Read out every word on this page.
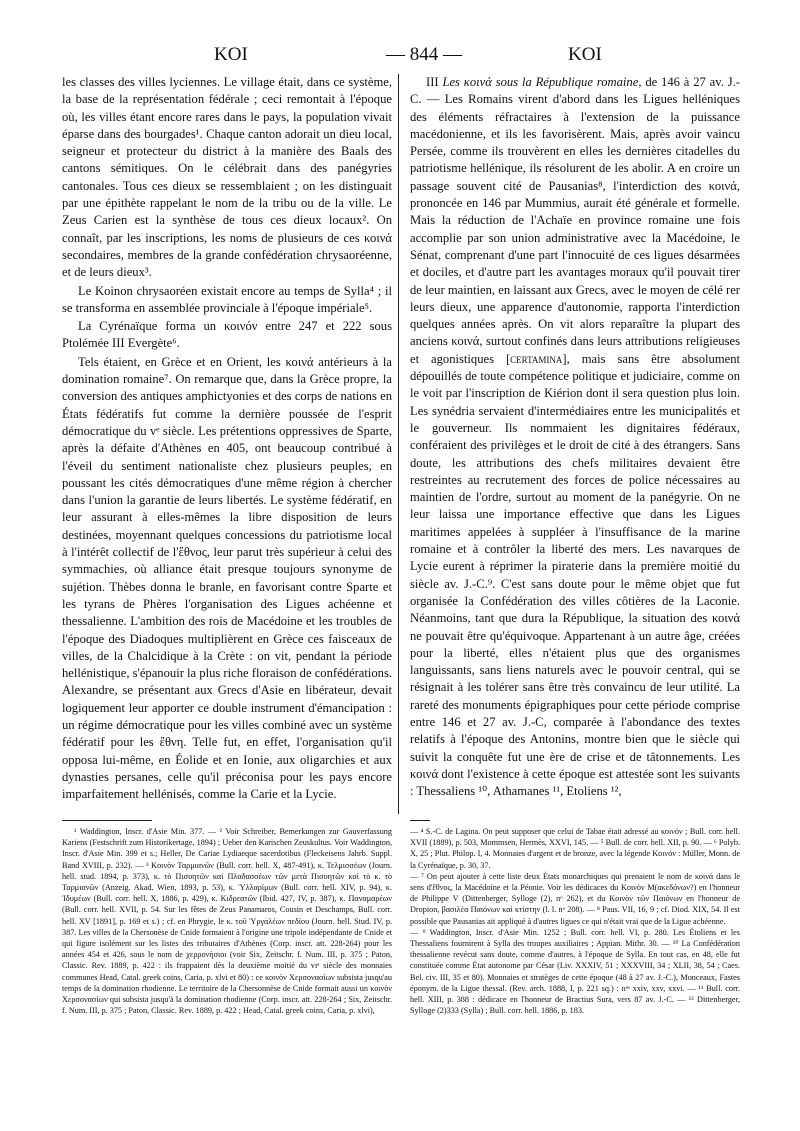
KOI	— 844 —	KOI

les classes des villes lyciennes. Le village était, dans ce système, la base de la représentation fédérale ; ceci remontait à l'époque où, les villes étant encore rares dans le pays, la population vivait éparse dans des bourgades¹. Chaque canton adorait un dieu local, seigneur et protecteur du district à la manière des Baals des cantons sémitiques. On le célébrait dans des panégyries cantonales. Tous ces dieux se ressemblaient ; on les distinguait par une épithète rappelant le nom de la tribu ou de la ville. Le Zeus Carien est la synthèse de tous ces dieux locaux². On connaît, par les inscriptions, les noms de plusieurs de ces κοινά secondaires, membres de la grande confédération chrysaoréenne, et de leurs dieux³.

Le Koinon chrysaoréen existait encore au temps de Sylla⁴ ; il se transforma en assemblée provinciale à l'époque impériale⁵.

La Cyrénaïque forma un κοινόν entre 247 et 222 sous Ptolémée III Evergète⁶.

Tels étaient, en Grèce et en Orient, les κοινά antérieurs à la domination romaine⁷. On remarque que, dans la Grèce propre, la conversion des antiques amphictyonies et des corps de nations en États fédératifs fut comme la dernière poussée de l'esprit démocratique du vᵉ siècle. Les prétentions oppressives de Sparte, après la défaite d'Athènes en 405, ont beaucoup contribué à l'éveil du sentiment nationaliste chez plusieurs peuples, en poussant les cités démocratiques d'une même région à chercher dans l'union la garantie de leurs libertés. Le système fédératif, en leur assurant à elles-mêmes la libre disposition de leurs destinées, moyennant quelques concessions du patriotisme local à l'intérêt collectif de l'ἔθνος, leur parut très supérieur à celui des symmachies, où alliance était presque toujours synonyme de sujétion. Thèbes donna le branle, en favorisant contre Sparte et les tyrans de Phères l'organisation des Ligues achéenne et thessalienne. L'ambition des rois de Macédoine et les troubles de l'époque des Diadoques multiplièrent en Grèce ces faisceaux de villes, de la Chalcidique à la Crète : on vit, pendant la période hellénistique, s'épanouir la plus riche floraison de confédérations. Alexandre, se présentant aux Grecs d'Asie en libérateur, devait logiquement leur apporter ce double instrument d'émancipation : un régime démocratique pour les villes combiné avec un système fédératif pour les ἔθνη. Telle fut, en effet, l'organisation qu'il opposa lui-même, en Éolide et en Ionie, aux oligarchies et aux dynasties persanes, celle qu'il préconisa pour les pays encore imparfaitement hellénisés, comme la Carie et la Lycie.

III Les κοινά sous la République romaine, de 146 à 27 av. J.-C. — Les Romains virent d'abord dans les Ligues helléniques des éléments réfractaires à l'extension de la puissance macédonienne, et ils les favorisèrent. Mais, après avoir vaincu Persée, comme ils trouvèrent en elles les dernières citadelles du patriotisme hellénique, ils résolurent de les abolir. A en croire un passage souvent cité de Pausanias⁸, l'interdiction des κοινά, prononcée en 146 par Mummius, aurait été générale et formelle. Mais la réduction de l'Achaïe en province romaine une fois accomplie par son union administrative avec la Macédoine, le Sénat, comprenant d'une part l'innocuité de ces ligues désarmées et dociles, et d'autre part les avantages moraux qu'il pouvait tirer de leur maintien, en laissant aux Grecs, avec le moyen de célé rer leurs dieux, une apparence d'autonomie, rapporta l'interdiction quelques années après. On vit alors reparaître la plupart des anciens κοινά, surtout confinés dans leurs attributions religieuses et agonistiques [certamina], mais sans être absolument dépouillés de toute compétence politique et judiciaire, comme on le voit par l'inscription de Kiérion dont il sera question plus loin. Les synédria servaient d'intermédiaires entre les municipalités et le gouverneur. Ils nommaient les dignitaires fédéraux, conféraient des privilèges et le droit de cité à des étrangers. Sans doute, les attributions des chefs militaires devaient être restreintes au recrutement des forces de police nécessaires au maintien de l'ordre, surtout au moment de la panégyrie. On ne leur laissa une importance effective que dans les Ligues maritimes appelées à suppléer à l'insuffisance de la marine romaine et à contrôler la liberté des mers. Les navarques de Lycie eurent à réprimer la piraterie dans la première moitié du siècle av. J.-C.⁹. C'est sans doute pour le même objet que fut organisée la Confédération des villes côtières de la Laconie. Néanmoins, tant que dura la République, la situation des κοινά ne pouvait être qu'équivoque. Appartenant à un autre âge, créées pour la liberté, elles n'étaient plus que des organismes languissants, sans liens naturels avec le pouvoir central, qui se résignait à les tolérer sans être très convaincu de leur utilité. La rareté des monuments épigraphiques pour cette période comprise entre 146 et 27 av. J.-C, comparée à l'abondance des textes relatifs à l'époque des Antonins, montre bien que le siècle qui suivit la conquête fut une ère de crise et de tâtonnements. Les κοινά dont l'existence à cette époque est attestée sont les suivants : Thessaliens ¹⁰, Athamanes ¹¹, Etoliens ¹²,

¹ Waddington, Inscr. d'Asie Min. 377. — ² Voir Schreiber, Bemerkungen zur Gauverfassung Kariens (Festschrift zum Historikertage, 1894) ; Ueber den Karischen Zeuskultus. Voir Waddington, Inscr. d'Asie Min. 399 et s.; Heller, De Cariae Lydiaeque sacerdotibus (Fleckeisens Jahrb. Suppl. Band XVIII, p. 232). — ³ Κοινὸν Ταρμιανῶν (Bull. corr. hell. X, 487-491), κ. Τελμισσέων (Journ. hell. stud. 1894, p. 373), κ. τὸ Πισυητῶν καὶ Πλαδασσέων τῶν μετὰ Πισυητῶν καὶ τὸ κ. τὸ Ταρμιανῶν (Anzeig. Akad. Wien, 1893, p. 53), κ. Ὑλλαρίμων (Bull. corr. hell. XIV, p. 94), κ. Ἰδυμέων (Bull. corr. hell. X, 1886, p. 429), κ. Κιδρεατῶν (Ibid. 427, IV, p. 387), κ. Παναμαρέων (Bull. corr. hell. XVII, p. 54. Sur les fêtes de Zeus Panamaros, Cousin et Deschamps, Bull. corr. hell. XV [1891], p. 169 et s.) ; cf. en Phrygie, le κ. τοῦ Ὑργαλέων πεδίου (Journ. hell. Stud. IV, p. 387. Les villes de la Chersonèse de Cnide formaient à l'origine une tripole indépendante de Cnide et qui figure isolément sur les listes des tributaires d'Athènes (Corp. inscr. att. 228-264) pour les années 454 et 426, sous le nom de χερρονήσιοι (voir Six, Zeitschr. f. Num. III, p. 375 ; Paton, Classic. Rev. 1889, p. 422 : ils frappaient dès la deuxième moitié du vıᵉ siècle des monnaies communes Head, Catal. greek coins, Caria, p. xlvi et 80) : ce κοινὸν Χερσονασίων subsista jusqu'au temps de la domination rhodienne. Le territoire de la Chersonnèse de Cnide formait aussi un κοινὸν Χερσονασίων qui subsista jusqu'à la domination rhodienne (Corp. inscr. att. 228-264 ; Six, Zeitschr. f. Num. III, p. 375 ; Paton, Classic. Rev. 1889, p. 422 ; Head, Catal. greek coins, Caria, p. xlvi),

— ⁴ S.-C. de Lagina. On peut supposer que celui de Tabae était adressé au κοινόν ; Bull. corr. hell. XVII (1889), p. 503, Mommsen, Hermès, XXVI, 145. — ⁵ Bull. de corr. hell. XII, p. 90. — ⁶ Polyb. X, 25 ; Plut. Philop. I, 4. Monnaies d'argent et de bronze, avec la légende Κοινόν : Müller, Monn. de la Cyrénaïque, p. 30, 37.

— ⁷ On peut ajouter à cette liste deux États monarchiques qui prenaient le nom de κοινά dans le sens d'ἔθνος, la Macédoine et la Péonie. Voir les dédicaces du Κοινὸν Μ(ακεδόνων?) en l'honneur de Philippe V (Dittenberger, Sylloge (2), nᵒ 262), et du Κοινὸν τῶν Παιόνων en l'honneur de Dropion, βασιλέα Παιόνων καὶ κτίστην (l. l. nᵒ 208). — ⁸ Paus. VII, 16, 9 ; cf. Diod. XIX, 54. Il est possible que Pausanias ait appliqué à d'autres ligues ce qui n'était vrai que de la Ligue achéenne.

— ⁹ Waddington, Inscr. d'Asie Min. 1252 ; Bull. corr. hell. VI, p. 280. Les Étoliens et les Thessaliens fournirent à Sylla des troupes auxiliaires ; Appian. Mithr. 30. — ¹⁰ La Confédération thessalienne revécut sans doute, comme d'autres, à l'époque de Sylla. En tout cas, en 48, elle fut constituée comme État autonome par César (Liv. XXXIV, 51 ; XXXVIII, 34 ; XLII, 38, 54 ; Caes. Bel. civ. III, 35 et 80). Monnaies et stratèges de cette époque (48 à 27 av. J.-C.), Monceaux, Fastes éponym. de la Ligue thessal. (Rev. arch. 1888, I, p. 221 sq.) : nᵒˢ xxiv, xxv, xxvi. — ¹¹ Bull. corr. hell. XIII, p. 388 : dédicace en l'honneur de Bractius Sura, vers 87 av. J.-C. — ¹² Dittenberger, Sylloge (2)333 (Sylla) ; Bull. corr. hell. 1886, p. 183.
